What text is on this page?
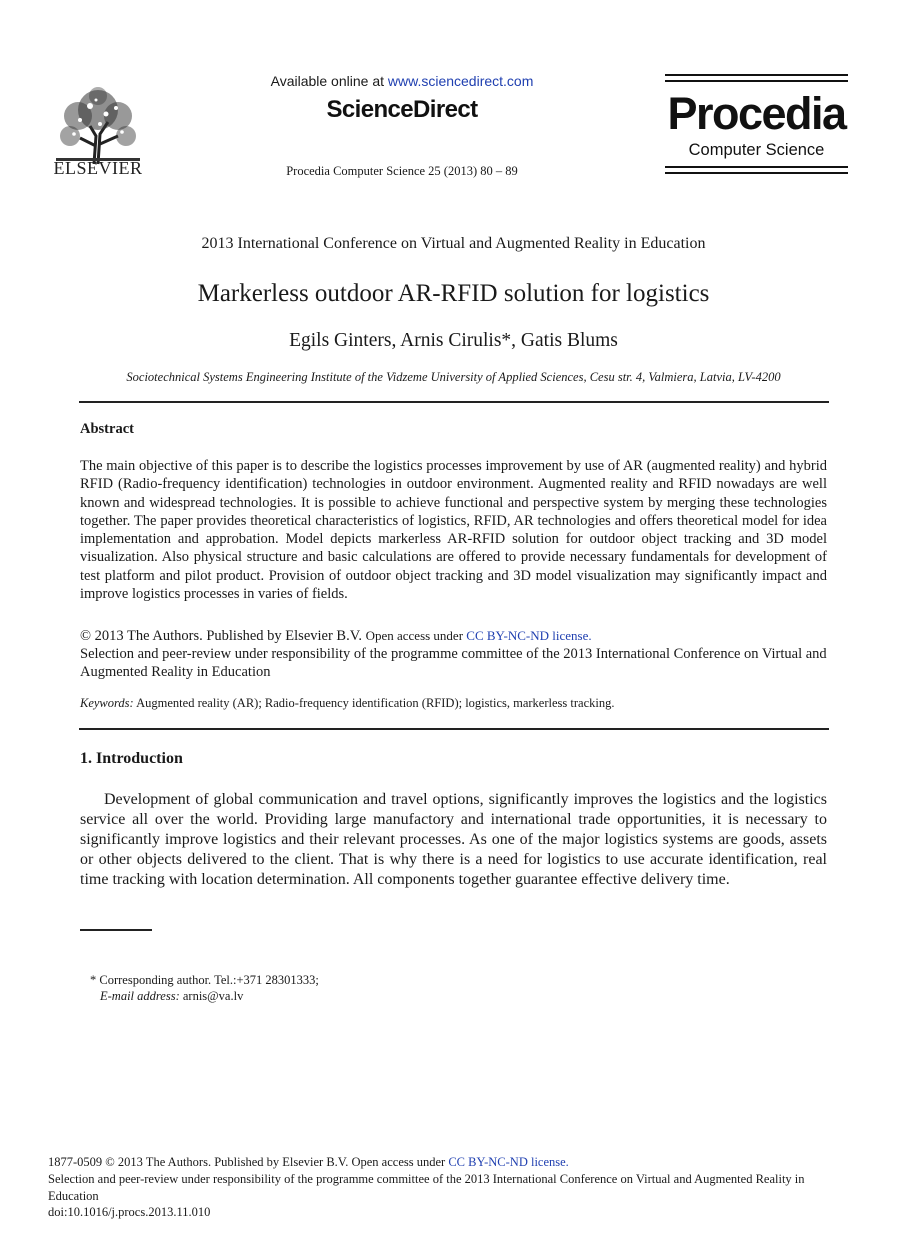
ELSEVIER
Available online at www.sciencedirect.com
ScienceDirect
Procedia Computer Science 25 (2013) 80 – 89
Procedia
Computer Science
2013 International Conference on Virtual and Augmented Reality in Education
Markerless outdoor AR-RFID solution for logistics
Egils Ginters, Arnis Cirulis*, Gatis Blums
Sociotechnical Systems Engineering Institute of the Vidzeme University of Applied Sciences, Cesu str. 4, Valmiera, Latvia, LV-4200
Abstract
The main objective of this paper is to describe the logistics processes improvement by use of AR (augmented reality) and hybrid RFID (Radio-frequency identification) technologies in outdoor environment. Augmented reality and RFID nowadays are well known and widespread technologies. It is possible to achieve functional and perspective system by merging these technologies together. The paper provides theoretical characteristics of logistics, RFID, AR technologies and offers theoretical model for idea implementation and approbation. Model depicts markerless AR-RFID solution for outdoor object tracking and 3D model visualization. Also physical structure and basic calculations are offered to provide necessary fundamentals for development of test platform and pilot product. Provision of outdoor object tracking and 3D model visualization may significantly impact and improve logistics processes in varies of fields.
© 2013 The Authors. Published by Elsevier B.V. Open access under CC BY-NC-ND license.
Selection and peer-review under responsibility of the programme committee of the 2013 International Conference on Virtual and Augmented Reality in Education
Keywords: Augmented reality (AR); Radio-frequency identification (RFID); logistics, markerless tracking.
1. Introduction
Development of global communication and travel options, significantly improves the logistics and the logistics service all over the world. Providing large manufactory and international trade opportunities, it is necessary to significantly improve logistics and their relevant processes. As one of the major logistics systems are goods, assets or other objects delivered to the client. That is why there is a need for logistics to use accurate identification, real time tracking with location determination. All components together guarantee effective delivery time.
* Corresponding author. Tel.:+371 28301333;
E-mail address: arnis@va.lv
1877-0509 © 2013 The Authors. Published by Elsevier B.V. Open access under CC BY-NC-ND license.
Selection and peer-review under responsibility of the programme committee of the 2013 International Conference on Virtual and Augmented Reality in Education
doi:10.1016/j.procs.2013.11.010
